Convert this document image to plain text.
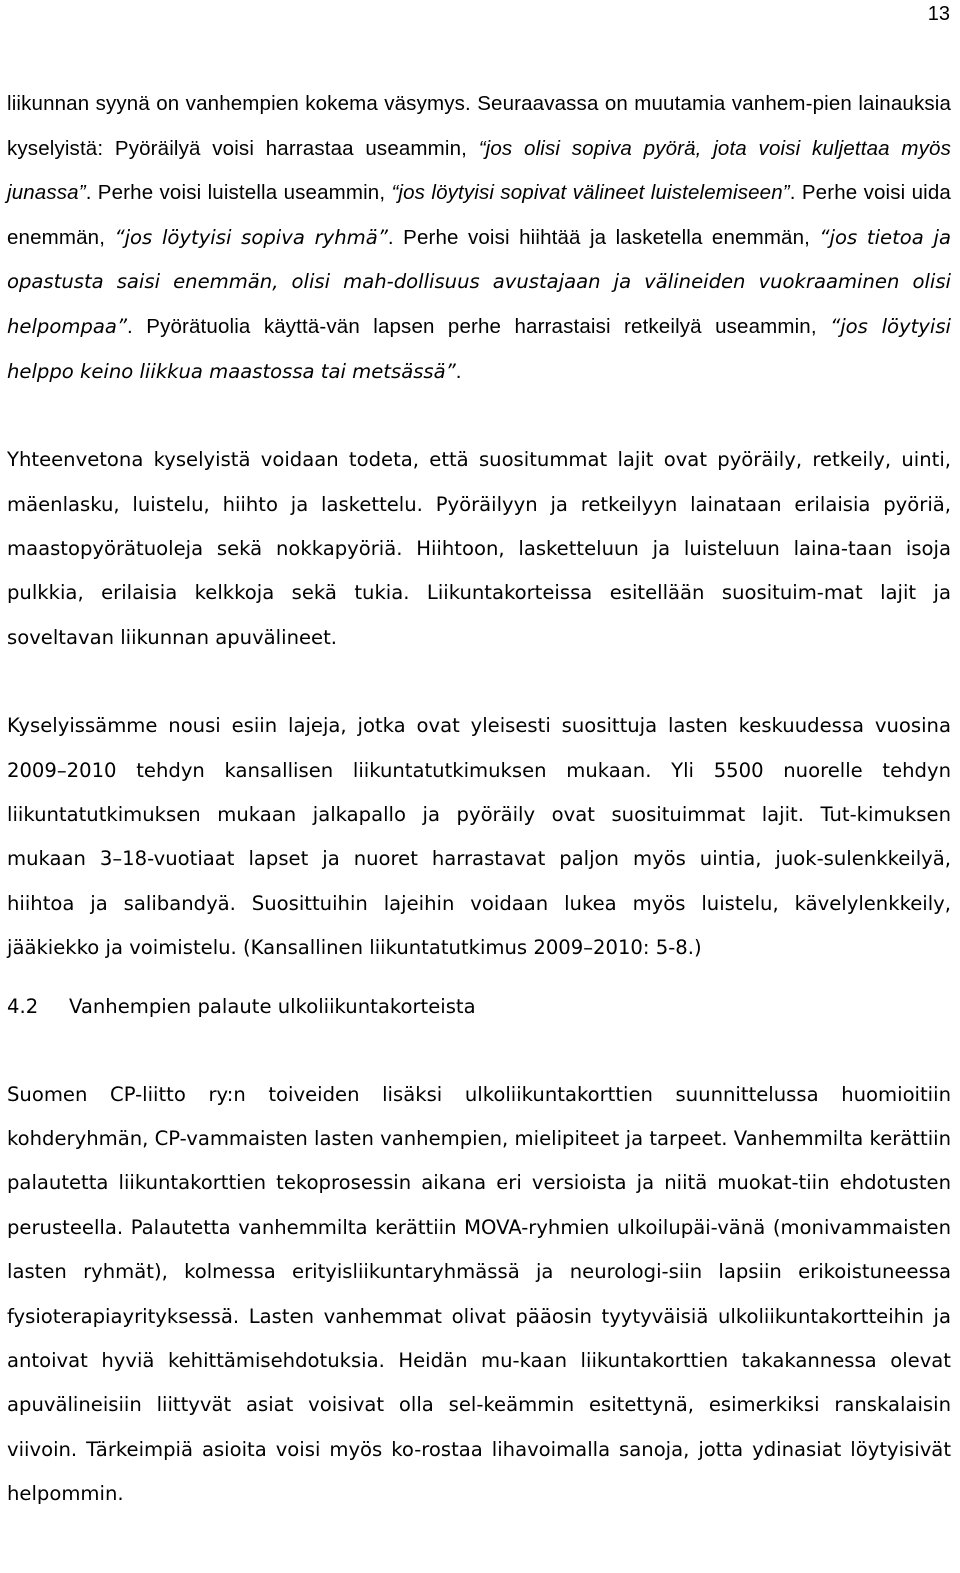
13

liikunnan syynä on vanhempien kokema väsymys. Seuraavassa on muutamia vanhem-pien lainauksia kyselyistä: Pyöräilyä voisi harrastaa useammin, “jos olisi sopiva pyörä, jota voisi kuljettaa myös junassa”. Perhe voisi luistella useammin, “jos löytyisi sopivat välineet luistelemiseen”. Perhe voisi uida enemmän, “jos löytyisi sopiva ryhmä”. Perhe voisi hiihtää ja lasketella enemmän, “jos tietoa ja opastusta saisi enemmän, olisi mah-dollisuus avustajaan ja välineiden vuokraaminen olisi helpompaa”. Pyörätuolia käyttä-vän lapsen perhe harrastaisi retkeilyä useammin, “jos löytyisi helppo keino liikkua maastossa tai metsässä”.

Yhteenvetona kyselyistä voidaan todeta, että suositummat lajit ovat pyöräily, retkeily, uinti, mäenlasku, luistelu, hiihto ja laskettelu. Pyöräilyyn ja retkeilyyn lainataan erilaisia pyöriä, maastopyörätuoleja sekä nokkapyöriä. Hiihtoon, lasketteluun ja luisteluun laina-taan isoja pulkkia, erilaisia kelkkoja sekä tukia. Liikuntakorteissa esitellään suosituim-mat lajit ja soveltavan liikunnan apuvälineet.

Kyselyissämme nousi esiin lajeja, jotka ovat yleisesti suosittuja lasten keskuudessa vuosina 2009–2010 tehdyn kansallisen liikuntatutkimuksen mukaan. Yli 5500 nuorelle tehdyn liikuntatutkimuksen mukaan jalkapallo ja pyöräily ovat suosituimmat lajit. Tut-kimuksen mukaan 3–18-vuotiaat lapset ja nuoret harrastavat paljon myös uintia, juok-sulenkkeilyä, hiihtoa ja salibandyä. Suosittuihin lajeihin voidaan lukea myös luistelu, kävelylenkkeily, jääkiekko ja voimistelu. (Kansallinen liikuntatutkimus 2009–2010: 5-8.)

4.2	Vanhempien palaute ulkoliikuntakorteista

Suomen CP-liitto ry:n toiveiden lisäksi ulkoliikuntakorttien suunnittelussa huomioitiin kohderyhmän, CP-vammaisten lasten vanhempien, mielipiteet ja tarpeet. Vanhemmilta kerättiin palautetta liikuntakorttien tekoprosessin aikana eri versioista ja niitä muokat-tiin ehdotusten perusteella. Palautetta vanhemmilta kerättiin MOVA-ryhmien ulkoilupäi-vänä (monivammaisten lasten ryhmät), kolmessa erityisliikuntaryhmässä ja neurologi-siin lapsiin erikoistuneessa fysioterapiayrityksessä. Lasten vanhemmat olivat pääosin tyytyväisiä ulkoliikuntakortteihin ja antoivat hyviä kehittämisehdotuksia. Heidän mu-kaan liikuntakorttien takakannessa olevat apuvälineisiin liittyvät asiat voisivat olla sel-keämmin esitettynä, esimerkiksi ranskalaisin viivoin. Tärkeimpiä asioita voisi myös ko-rostaa lihavoimalla sanoja, jotta ydinasiat löytyisivät helpommin.
